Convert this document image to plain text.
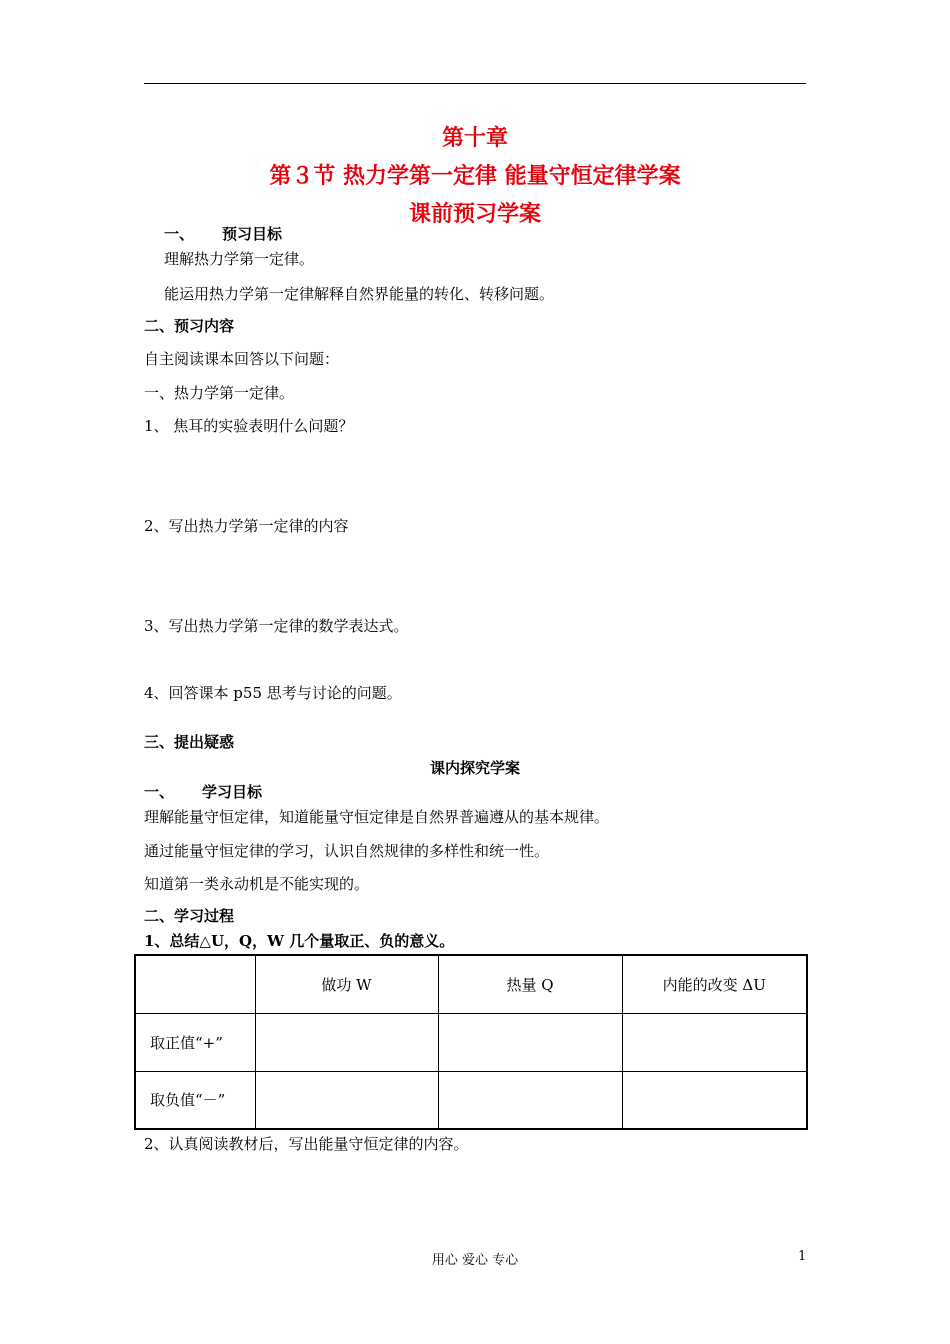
第十章
第３节 热力学第一定律 能量守恒定律学案
课前预习学案
一、 预习目标
理解热力学第一定律。
能运用热力学第一定律解释自然界能量的转化、转移问题。
二、预习内容
自主阅读课本回答以下问题：
一、热力学第一定律。
1、 焦耳的实验表明什么问题？
2、写出热力学第一定律的内容
3、写出热力学第一定律的数学表达式。
4、回答课本 p55 思考与讨论的问题。
三、提出疑惑
课内探究学案
一、 学习目标
理解能量守恒定律，知道能量守恒定律是自然界普遍遵从的基本规律。
通过能量守恒定律的学习，认识自然规律的多样性和统一性。
知道第一类永动机是不能实现的。
二、学习过程
1、总结△U，Q，W 几个量取正、负的意义。
	做功 W	热量 Q	内能的改变 ΔU
取正值“+”			
取负值“－”			
2、认真阅读教材后，写出能量守恒定律的内容。
用心 爱心 专心	1
